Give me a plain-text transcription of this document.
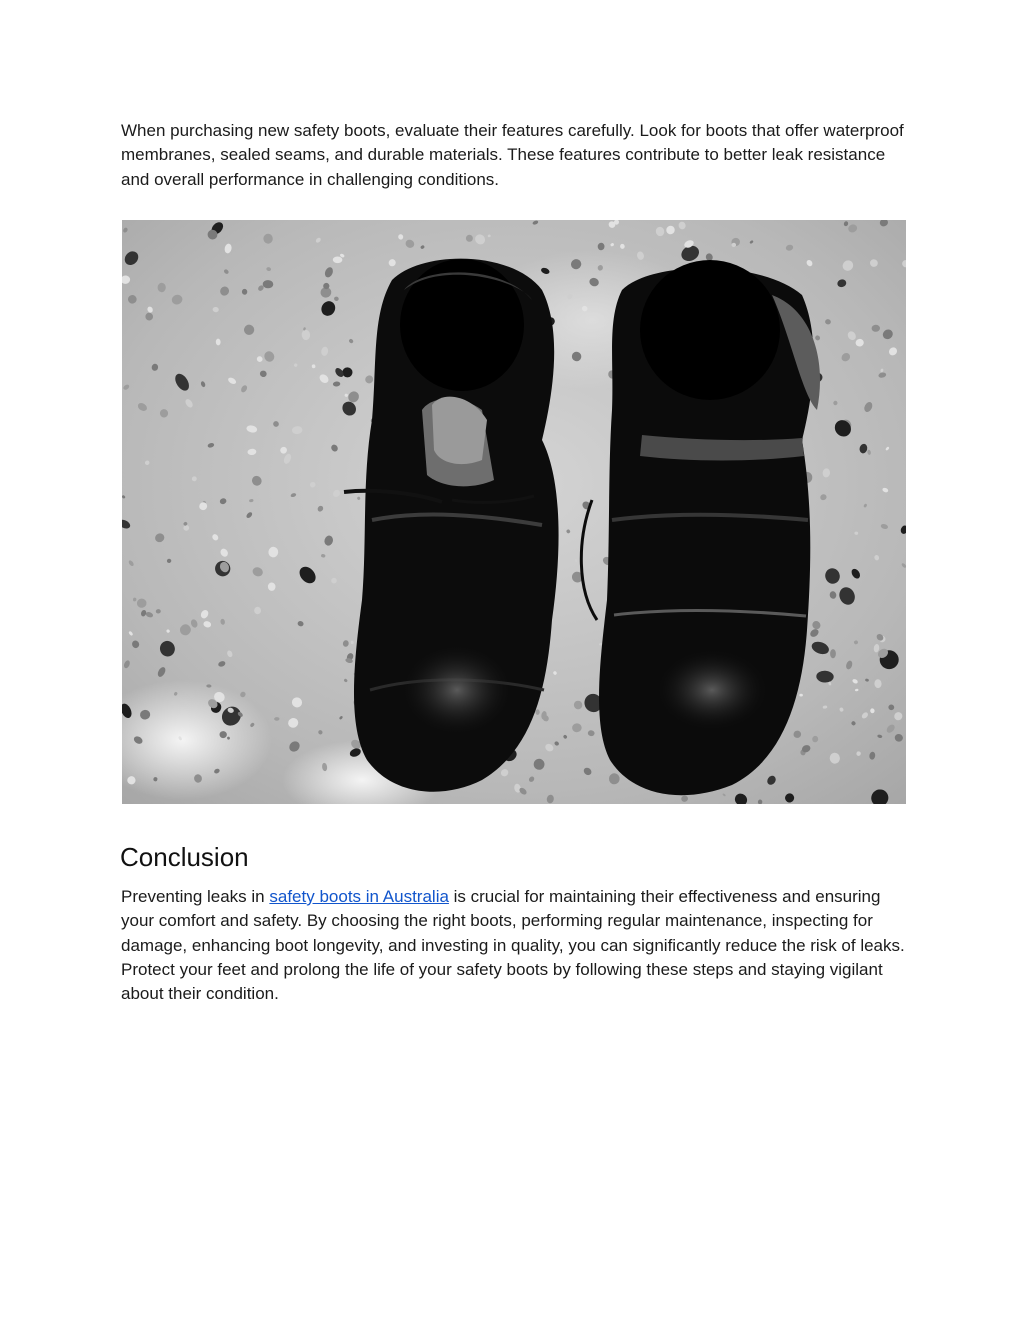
When purchasing new safety boots, evaluate their features carefully. Look for boots that offer waterproof membranes, sealed seams, and durable materials. These features contribute to better leak resistance and overall performance in challenging conditions.

Conclusion

Preventing leaks in safety boots in Australia is crucial for maintaining their effectiveness and ensuring your comfort and safety. By choosing the right boots, performing regular maintenance, inspecting for damage, enhancing boot longevity, and investing in quality, you can significantly reduce the risk of leaks. Protect your feet and prolong the life of your safety boots by following these steps and staying vigilant about their condition.
